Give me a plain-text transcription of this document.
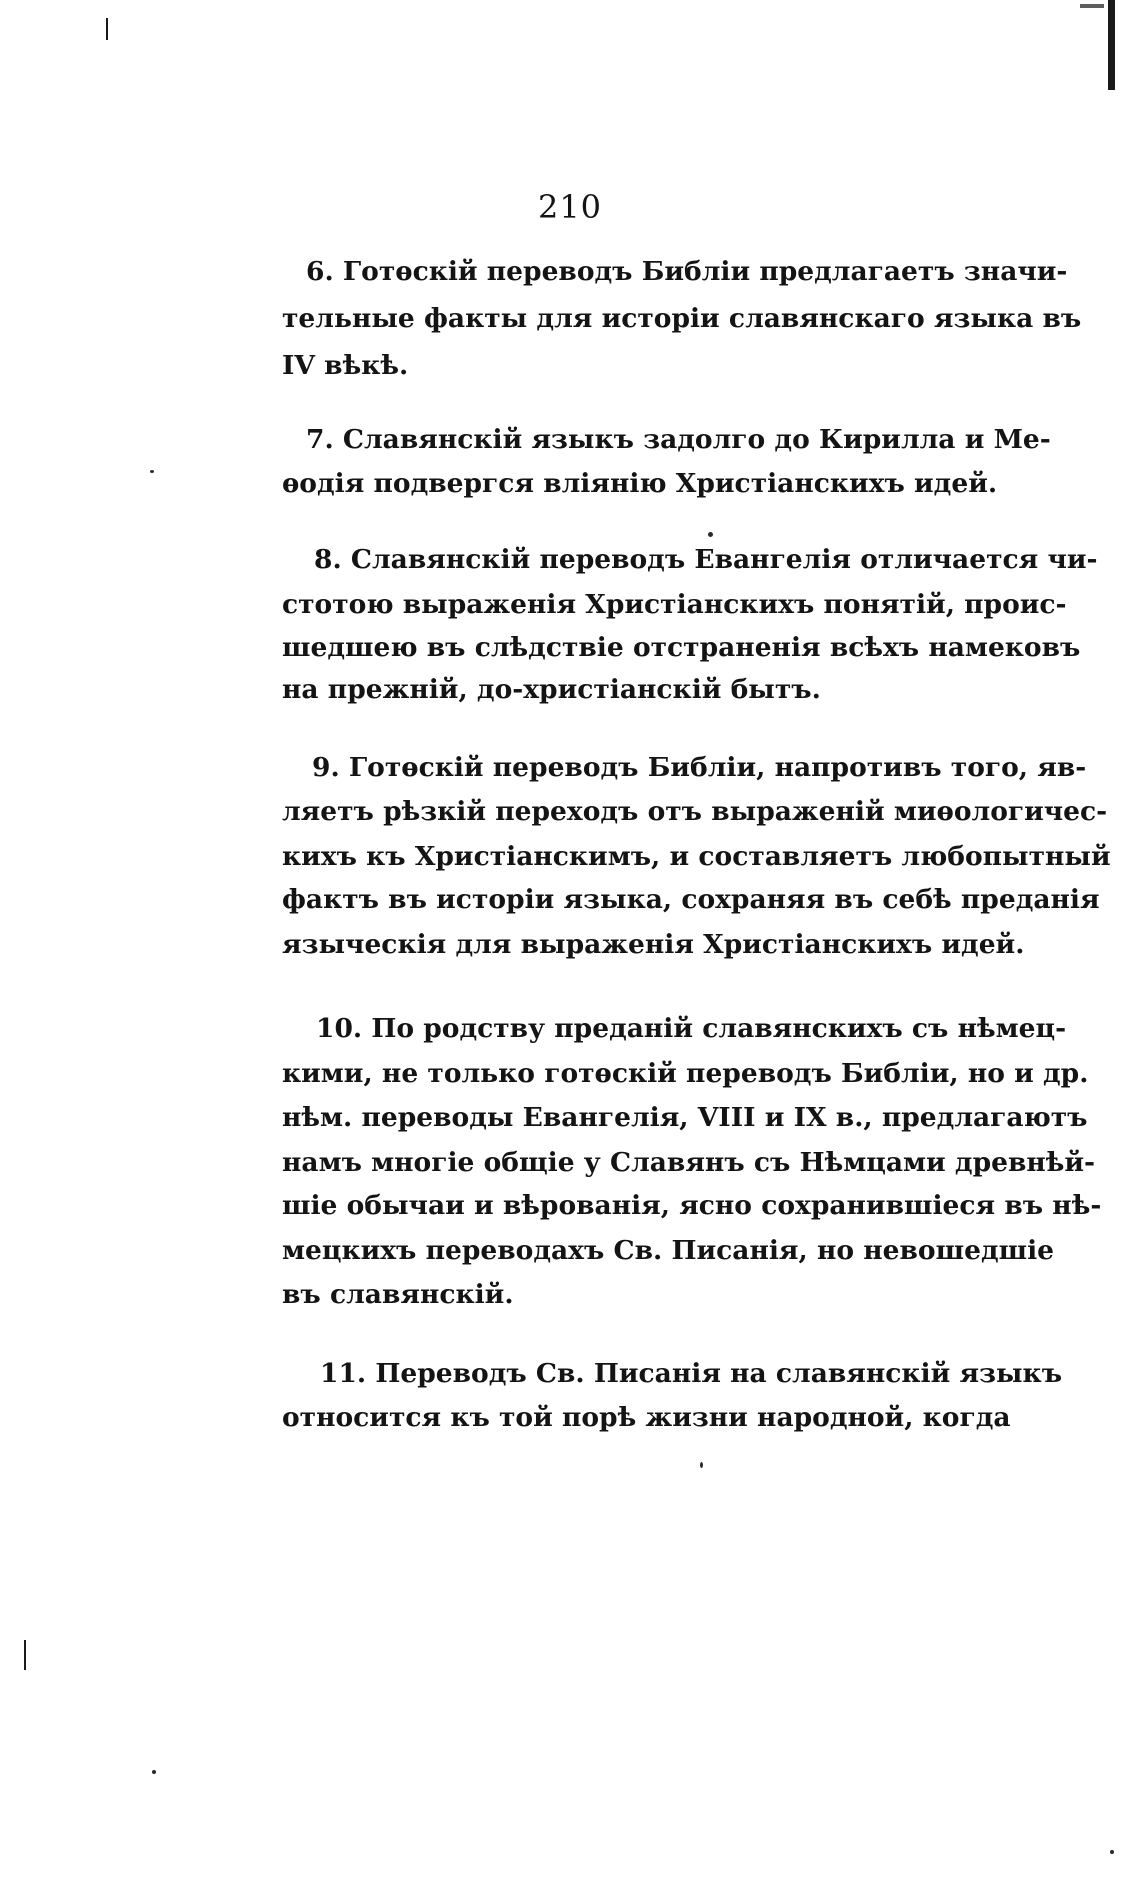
210
6. Готѳскій переводъ Библіи предлагаетъ значи-
тельные факты для исторіи славянскаго языка въ
IV вѣкѣ.
7. Славянскій языкъ задолго до Кирилла и Ме-
ѳодія подвергся вліянію Христіанскихъ идей.
8. Славянскій переводъ Евангелія отличается чи-
стотою выраженія Христіанскихъ понятій, проис-
шедшею въ слѣдствіе отстраненія всѣхъ намековъ
на прежній, до-христіанскій бытъ.
9. Готѳскій переводъ Библіи, напротивъ того, яв-
ляетъ рѣзкій переходъ отъ выраженій миѳологичес-
кихъ къ Христіанскимъ, и составляетъ любопытный
фактъ въ исторіи языка, сохраняя въ себѣ преданія
языческія для выраженія Христіанскихъ идей.
10. По родству преданій славянскихъ съ нѣмец-
кими, не только готѳскій переводъ Библіи, но и др.
нѣм. переводы Евангелія, VIII и IX в., предлагаютъ
намъ многіе общіе у Славянъ съ Нѣмцами древнѣй-
шіе обычаи и вѣрованія, ясно сохранившіеся въ нѣ-
мецкихъ переводахъ Св. Писанія, но невошедшіе
въ славянскій.
11. Переводъ Св. Писанія на славянскій языкъ
относится къ той порѣ жизни народной, когда
